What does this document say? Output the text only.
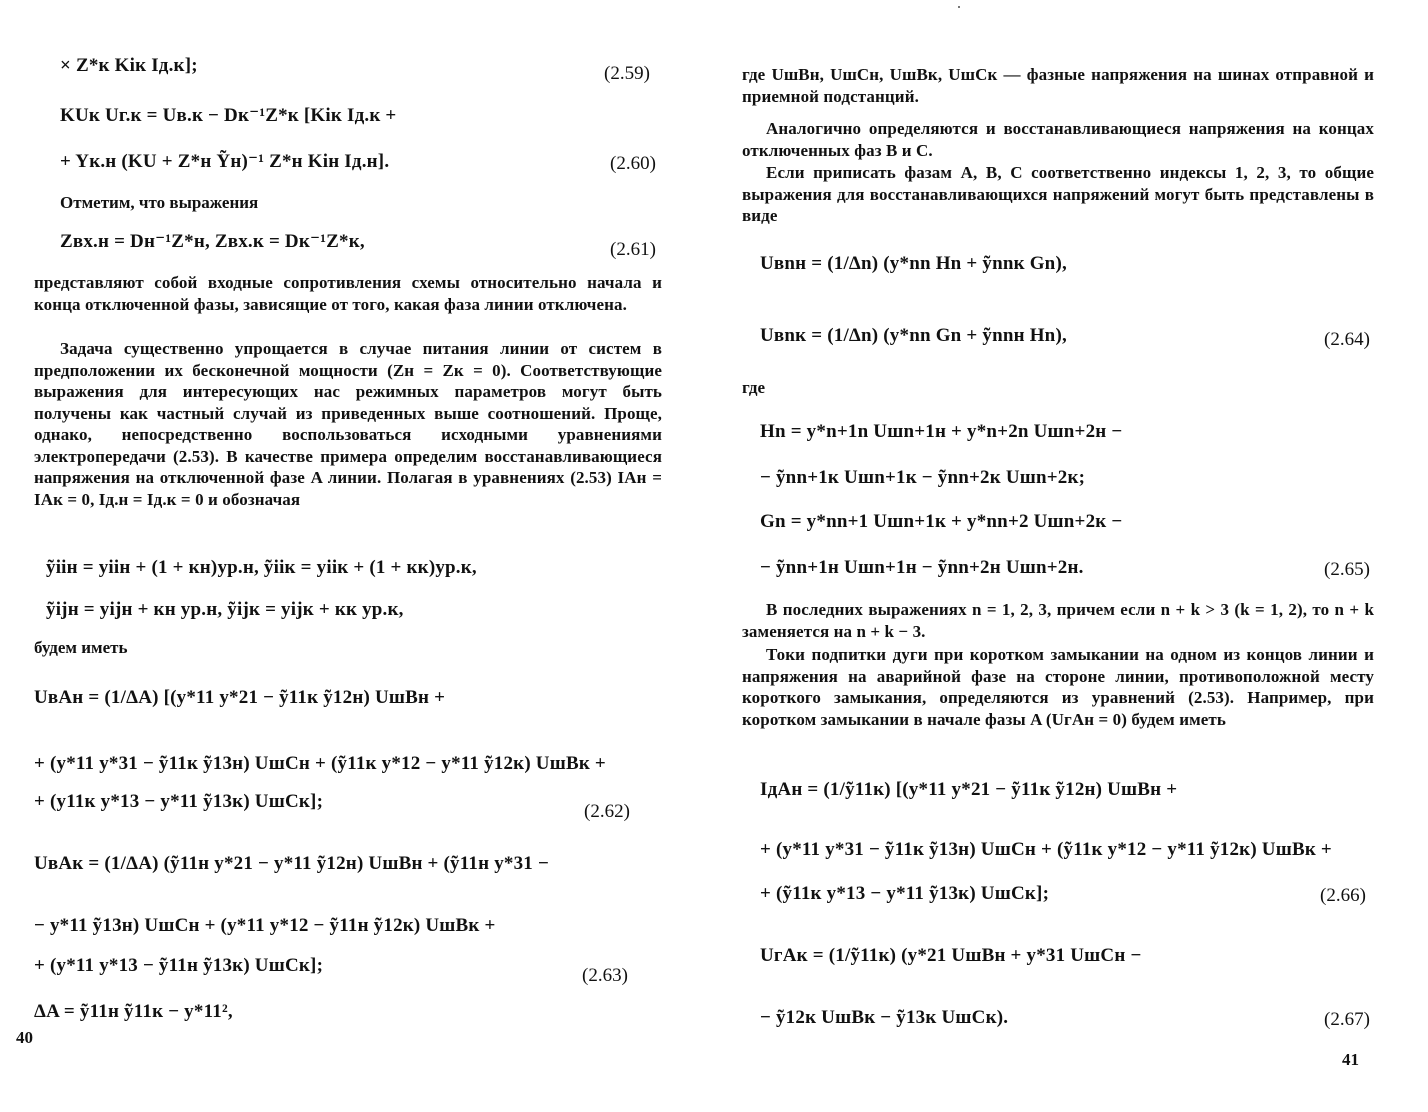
× Z*к Kiк Iд.к];	(2.59)
KUк Uг.к = Uв.к − Dк⁻¹Z*к [Kiк Iд.к +
+ Yк.н (KU + Z*н Ỹн)⁻¹ Z*н Kiн Iд.н].	(2.60)
Отметим, что выражения
Zвх.н = Dн⁻¹Z*н, Zвх.к = Dк⁻¹Z*к,	(2.61)

представляют собой входные сопротивления схемы относительно начала и конца отключенной фазы, зависящие от того, какая фаза линии отключена.

Задача существенно упрощается в случае питания линии от систем в предположении их бесконечной мощности (Zн = Zк = 0). Соответствующие выражения для интересующих нас режимных параметров могут быть получены как частный случай из приведенных выше соотношений. Проще, однако, непосредственно воспользоваться исходными уравнениями электропередачи (2.53). В качестве примера определим восстанавливающиеся напряжения на отключенной фазе A линии. Полагая в уравнениях (2.53) IAн = IAк = 0, Iд.н = Iд.к = 0 и обозначая

ỹiiн = yiiн + (1 + кн)yр.н, ỹiiк = yiiк + (1 + кк)yр.к,
ỹijн = yijн + кн yр.н, ỹijк = yijк + кк yр.к,
будем иметь
UвAн = (1/ΔA) [(y*11 y*21 − ỹ11к ỹ12н) UшBн +
+ (y*11 y*31 − ỹ11к ỹ13н) UшCн + (ỹ11к y*12 − y*11 ỹ12к) UшBк +
+ (y11к y*13 − y*11 ỹ13к) UшCк];	(2.62)
UвAк = (1/ΔA) (ỹ11н y*21 − y*11 ỹ12н) UшBн + (ỹ11н y*31 −
− y*11 ỹ13н) UшCн + (y*11 y*12 − ỹ11н ỹ12к) UшBк +
+ (y*11 y*13 − ỹ11н ỹ13к) UшCк];	(2.63)
ΔA = ỹ11н ỹ11к − y*11²,
40

где UшBн, UшCн, UшBк, UшCк — фазные напряжения на шинах отправной и приемной подстанций.

Аналогично определяются и восстанавливающиеся напряжения на концах отключенных фаз B и C.

Если приписать фазам A, B, C соответственно индексы 1, 2, 3, то общие выражения для восстанавливающихся напряжений могут быть представлены в виде

Uвnн = (1/Δn) (y*nn Hn + ỹnnк Gn),
Uвnк = (1/Δn) (y*nn Gn + ỹnnн Hn),	(2.64)
где
Hn = y*n+1n Uшn+1н + y*n+2n Uшn+2н −
− ỹnn+1к Uшn+1к − ỹnn+2к Uшn+2к;
Gn = y*nn+1 Uшn+1к + y*nn+2 Uшn+2к −
− ỹnn+1н Uшn+1н − ỹnn+2н Uшn+2н.	(2.65)

В последних выражениях n = 1, 2, 3, причем если n + k > 3 (k = 1, 2), то n + k заменяется на n + k − 3.

Токи подпитки дуги при коротком замыкании на одном из концов линии и напряжения на аварийной фазе на стороне линии, противоположной месту короткого замыкания, определяются из уравнений (2.53). Например, при коротком замыкании в начале фазы A (UгAн = 0) будем иметь

IдAн = (1/ỹ11к) [(y*11 y*21 − ỹ11к ỹ12н) UшBн +
+ (y*11 y*31 − ỹ11к ỹ13н) UшCн + (ỹ11к y*12 − y*11 ỹ12к) UшBк +
+ (ỹ11к y*13 − y*11 ỹ13к) UшCк];	(2.66)
UгAк = (1/ỹ11к) (y*21 UшBн + y*31 UшCн −
− ỹ12к UшBк − ỹ13к UшCк).	(2.67)
41
